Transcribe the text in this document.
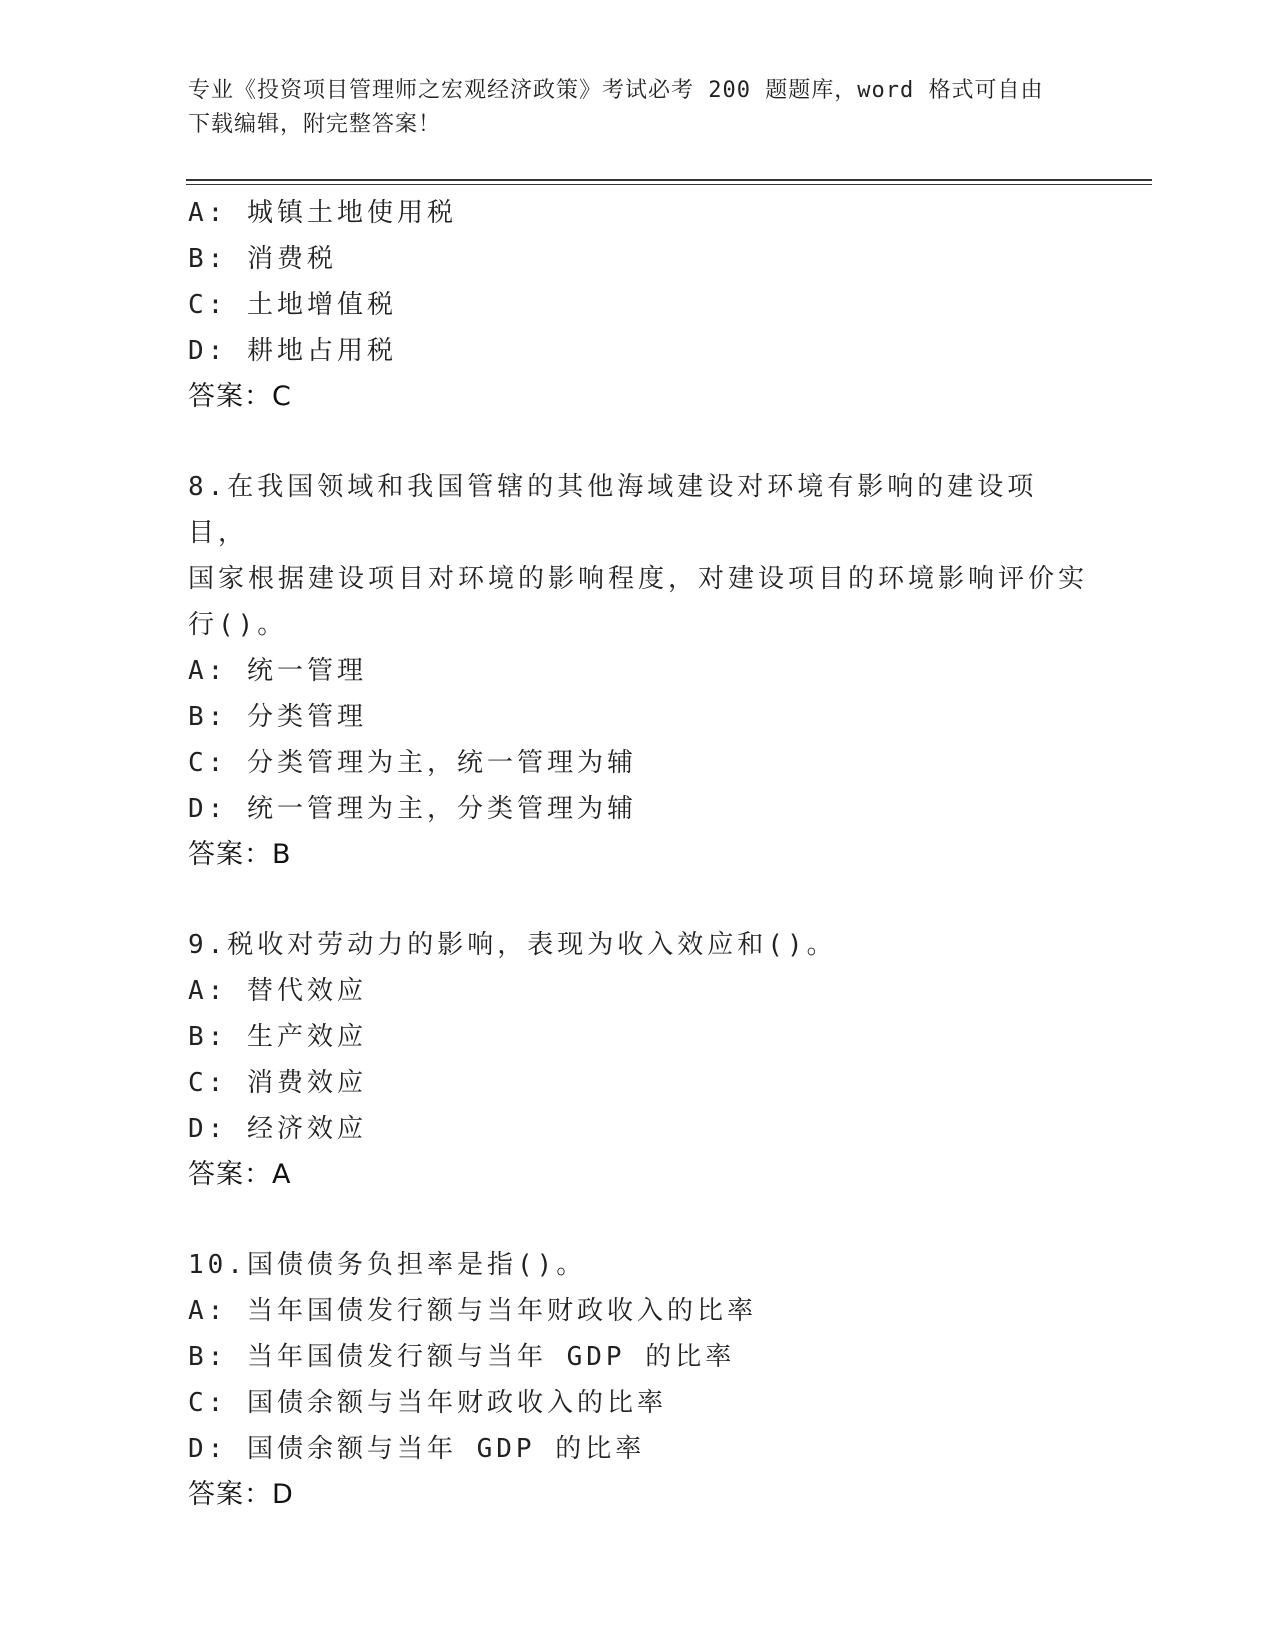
专业《投资项目管理师之宏观经济政策》考试必考 200 题题库，word 格式可自由
下载编辑，附完整答案！
A: 城镇土地使用税
B: 消费税
C: 土地增值税
D: 耕地占用税
答案：C
8.在我国领域和我国管辖的其他海域建设对环境有影响的建设项目，
国家根据建设项目对环境的影响程度，对建设项目的环境影响评价实
行()。
A: 统一管理
B: 分类管理
C: 分类管理为主，统一管理为辅
D: 统一管理为主，分类管理为辅
答案：B
9.税收对劳动力的影响，表现为收入效应和()。
A: 替代效应
B: 生产效应
C: 消费效应
D: 经济效应
答案：A
10.国债债务负担率是指()。
A: 当年国债发行额与当年财政收入的比率
B: 当年国债发行额与当年 GDP 的比率
C: 国债余额与当年财政收入的比率
D: 国债余额与当年 GDP 的比率
答案：D
